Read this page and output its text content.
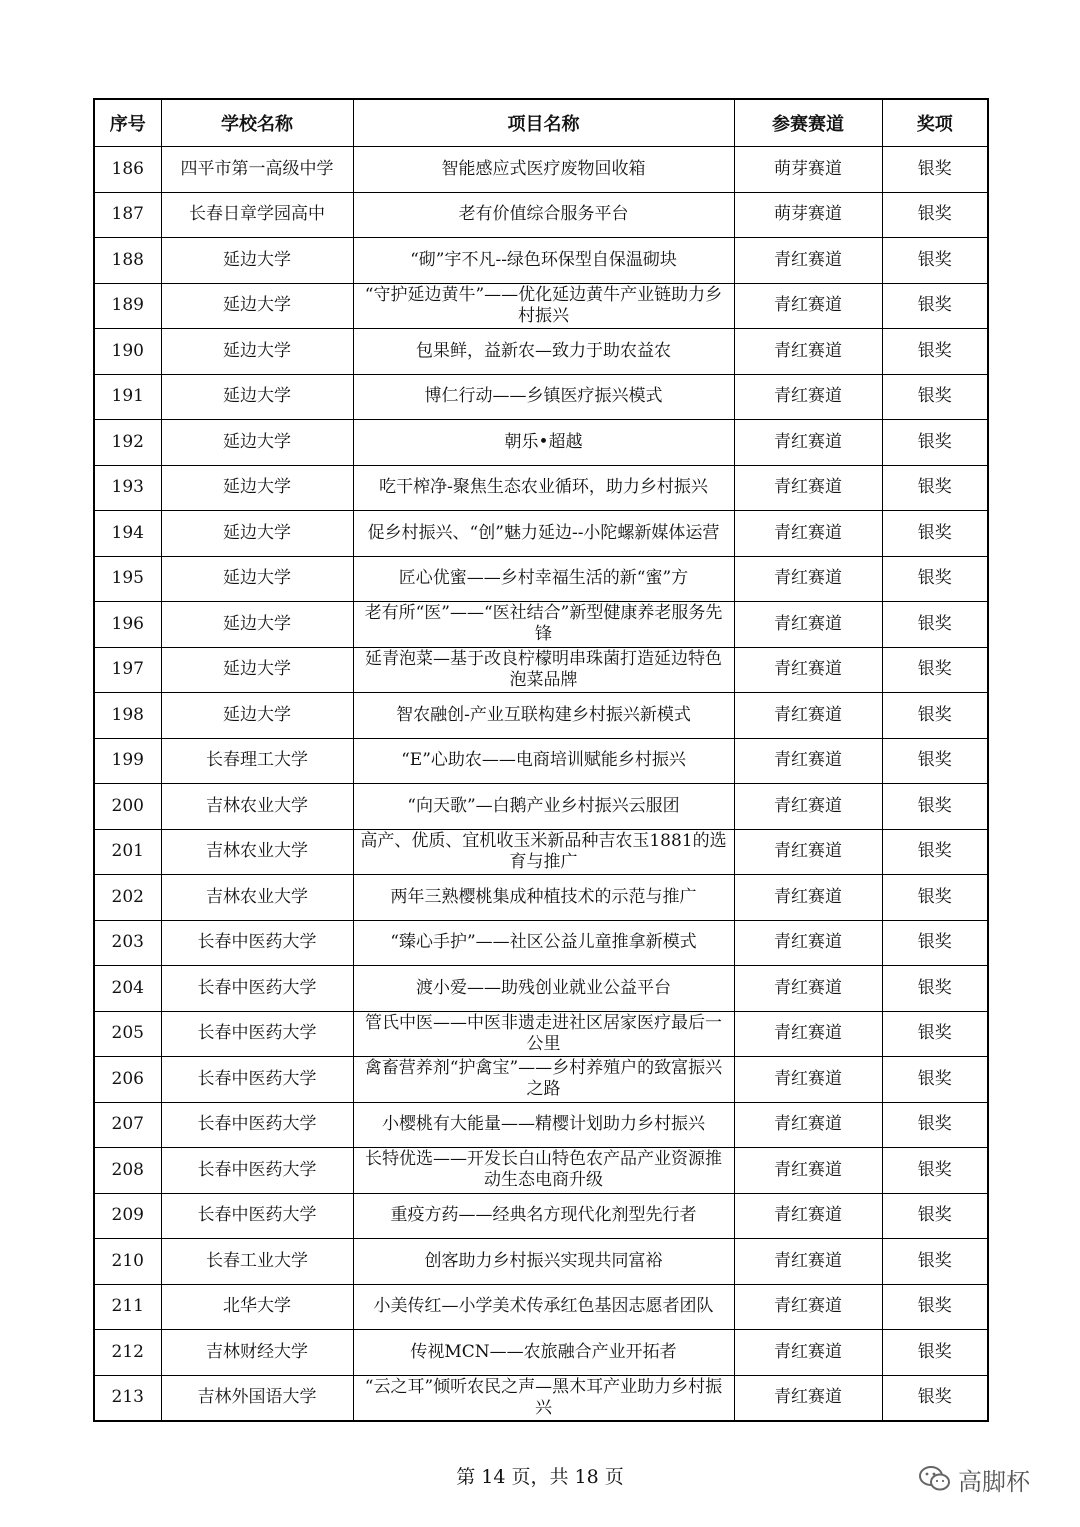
序号	学校名称	项目名称	参赛赛道	奖项
186	四平市第一高级中学	智能感应式医疗废物回收箱	萌芽赛道	银奖
187	长春日章学园高中	老有价值综合服务平台	萌芽赛道	银奖
188	延边大学	“砌”宇不凡--绿色环保型自保温砌块	青红赛道	银奖
189	延边大学	“守护延边黄牛”——优化延边黄牛产业链助力乡村振兴	青红赛道	银奖
190	延边大学	包果鲜，益新农—致力于助农益农	青红赛道	银奖
191	延边大学	博仁行动——乡镇医疗振兴模式	青红赛道	银奖
192	延边大学	朝乐•超越	青红赛道	银奖
193	延边大学	吃干榨净-聚焦生态农业循环，助力乡村振兴	青红赛道	银奖
194	延边大学	促乡村振兴、“创”魅力延边--小陀螺新媒体运营	青红赛道	银奖
195	延边大学	匠心优蜜——乡村幸福生活的新“蜜”方	青红赛道	银奖
196	延边大学	老有所“医”——“医社结合”新型健康养老服务先锋	青红赛道	银奖
197	延边大学	延青泡菜—基于改良柠檬明串珠菌打造延边特色泡菜品牌	青红赛道	银奖
198	延边大学	智农融创-产业互联构建乡村振兴新模式	青红赛道	银奖
199	长春理工大学	“E”心助农——电商培训赋能乡村振兴	青红赛道	银奖
200	吉林农业大学	“向天歌”—白鹅产业乡村振兴云服团	青红赛道	银奖
201	吉林农业大学	高产、优质、宜机收玉米新品种吉农玉1881的选育与推广	青红赛道	银奖
202	吉林农业大学	两年三熟樱桃集成种植技术的示范与推广	青红赛道	银奖
203	长春中医药大学	“臻心手护”——社区公益儿童推拿新模式	青红赛道	银奖
204	长春中医药大学	渡小爱——助残创业就业公益平台	青红赛道	银奖
205	长春中医药大学	管氏中医——中医非遗走进社区居家医疗最后一公里	青红赛道	银奖
206	长春中医药大学	禽畜营养剂“护禽宝”——乡村养殖户的致富振兴之路	青红赛道	银奖
207	长春中医药大学	小樱桃有大能量——精樱计划助力乡村振兴	青红赛道	银奖
208	长春中医药大学	长特优选——开发长白山特色农产品产业资源推动生态电商升级	青红赛道	银奖
209	长春中医药大学	重疫方药——经典名方现代化剂型先行者	青红赛道	银奖
210	长春工业大学	创客助力乡村振兴实现共同富裕	青红赛道	银奖
211	北华大学	小美传红—小学美术传承红色基因志愿者团队	青红赛道	银奖
212	吉林财经大学	传视MCN——农旅融合产业开拓者	青红赛道	银奖
213	吉林外国语大学	“云之耳”倾听农民之声—黑木耳产业助力乡村振兴	青红赛道	银奖
第 14 页，共 18 页	高脚杯
